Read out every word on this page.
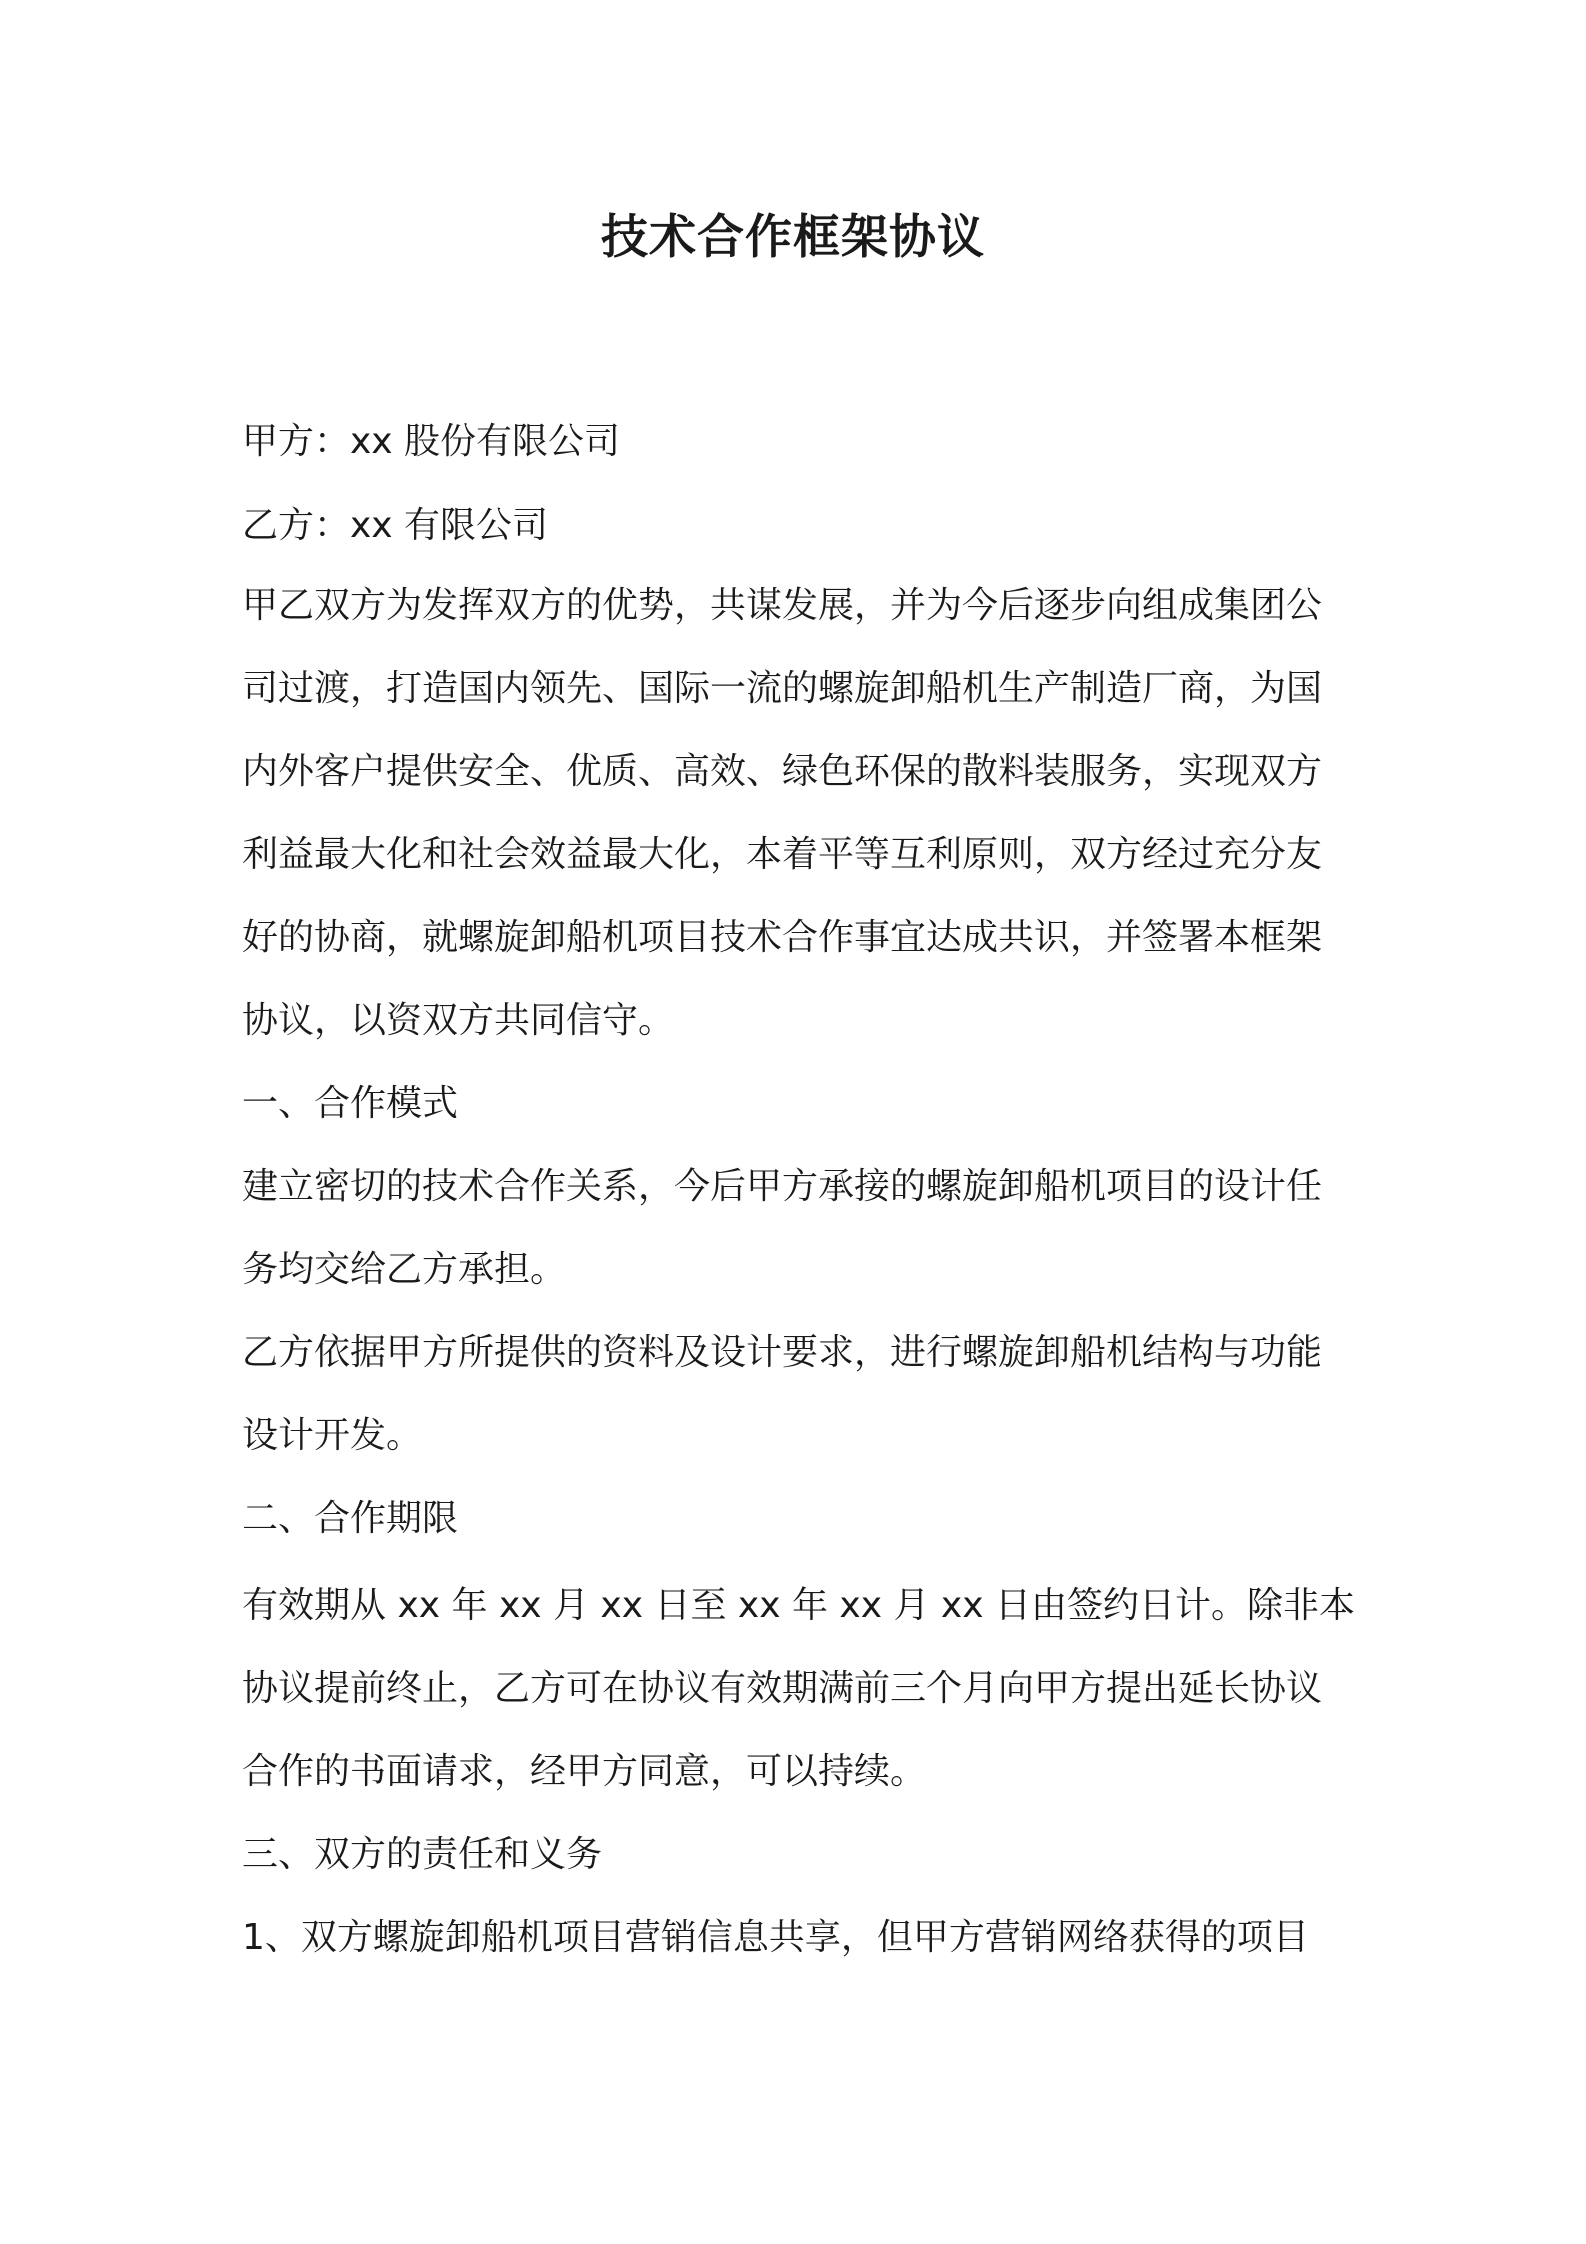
技术合作框架协议

甲方：xx 股份有限公司

乙方：xx 有限公司

甲乙双方为发挥双方的优势，共谋发展，并为今后逐步向组成集团公

司过渡，打造国内领先、国际一流的螺旋卸船机生产制造厂商，为国

内外客户提供安全、优质、高效、绿色环保的散料装服务，实现双方

利益最大化和社会效益最大化，本着平等互利原则，双方经过充分友

好的协商，就螺旋卸船机项目技术合作事宜达成共识，并签署本框架

协议，以资双方共同信守。

一、合作模式

建立密切的技术合作关系，今后甲方承接的螺旋卸船机项目的设计任

务均交给乙方承担。

乙方依据甲方所提供的资料及设计要求，进行螺旋卸船机结构与功能

设计开发。

二、合作期限

有效期从 xx 年 xx 月 xx 日至 xx 年 xx 月 xx 日由签约日计。除非本

协议提前终止，乙方可在协议有效期满前三个月向甲方提出延长协议

合作的书面请求，经甲方同意，可以持续。

三、双方的责任和义务

1、双方螺旋卸船机项目营销信息共享，但甲方营销网络获得的项目
